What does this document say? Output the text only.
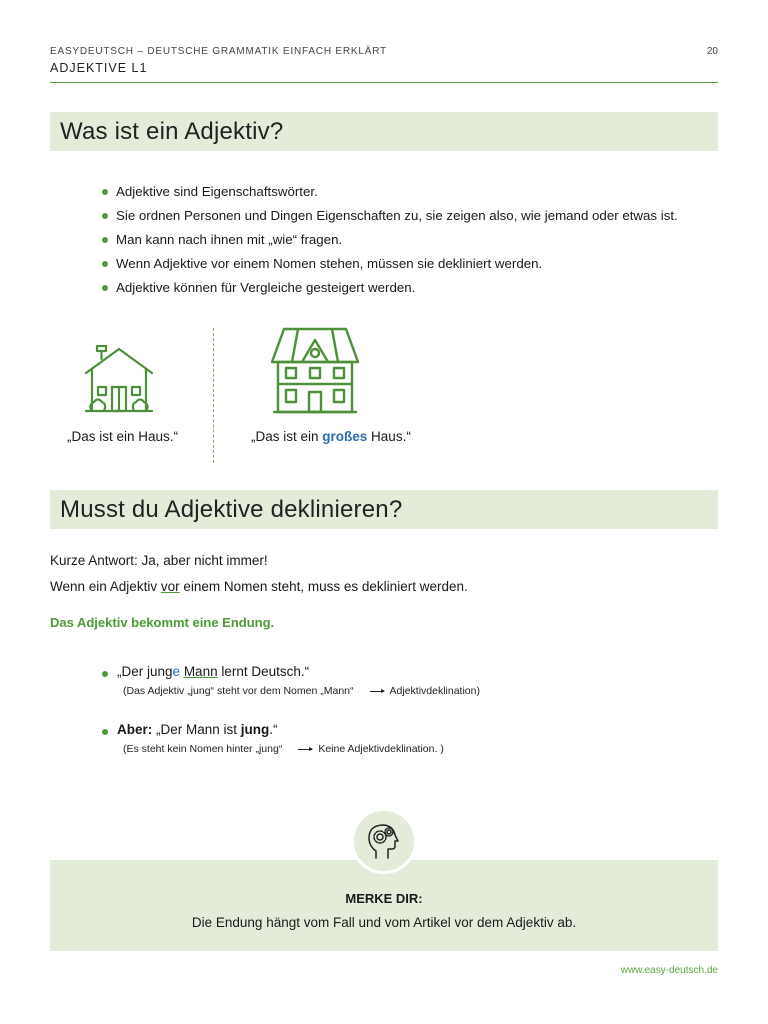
EASYDEUTSCH – DEUTSCHE GRAMMATIK EINFACH ERKLÄRT
ADJEKTIVE L1
20
Was ist ein Adjektiv?
Adjektive sind Eigenschaftswörter.
Sie ordnen Personen und Dingen Eigenschaften zu, sie zeigen also, wie jemand oder etwas ist.
Man kann nach ihnen mit „wie“ fragen.
Wenn Adjektive vor einem Nomen stehen, müssen sie dekliniert werden.
Adjektive können für Vergleiche gesteigert werden.
„Das ist ein Haus.“	„Das ist ein großes Haus.“
Musst du Adjektive deklinieren?
Kurze Antwort: Ja, aber nicht immer!
Wenn ein Adjektiv vor einem Nomen steht, muss es dekliniert werden.
Das Adjektiv bekommt eine Endung.
„Der junge Mann lernt Deutsch.“
(Das Adjektiv „jung“ steht vor dem Nomen „Mann“	Adjektivdeklination)
Aber: „Der Mann ist jung.“
(Es steht kein Nomen hinter „jung“	Keine Adjektivdeklination. )
MERKE DIR:
Die Endung hängt vom Fall und vom Artikel vor dem Adjektiv ab.
www.easy-deutsch.de
